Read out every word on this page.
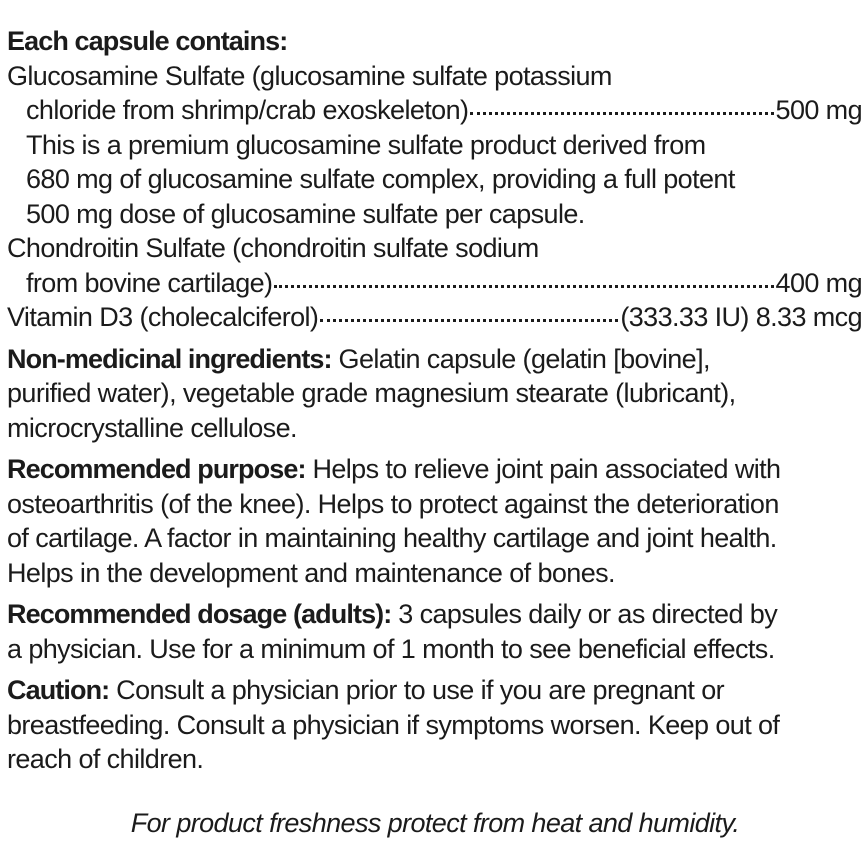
Each capsule contains:
Glucosamine Sulfate (glucosamine sulfate potassium
chloride from shrimp/crab exoskeleton)	500 mg
This is a premium glucosamine sulfate product derived from
680 mg of glucosamine sulfate complex, providing a full potent
500 mg dose of glucosamine sulfate per capsule.
Chondroitin Sulfate (chondroitin sulfate sodium
from bovine cartilage)	400 mg
Vitamin D3 (cholecalciferol)	(333.33 IU) 8.33 mcg
Non-medicinal ingredients: Gelatin capsule (gelatin [bovine],
purified water), vegetable grade magnesium stearate (lubricant),
microcrystalline cellulose.
Recommended purpose: Helps to relieve joint pain associated with
osteoarthritis (of the knee). Helps to protect against the deterioration
of cartilage. A factor in maintaining healthy cartilage and joint health.
Helps in the development and maintenance of bones.
Recommended dosage (adults): 3 capsules daily or as directed by
a physician. Use for a minimum of 1 month to see beneficial effects.
Caution: Consult a physician prior to use if you are pregnant or
breastfeeding. Consult a physician if symptoms worsen. Keep out of
reach of children.
For product freshness protect from heat and humidity.
